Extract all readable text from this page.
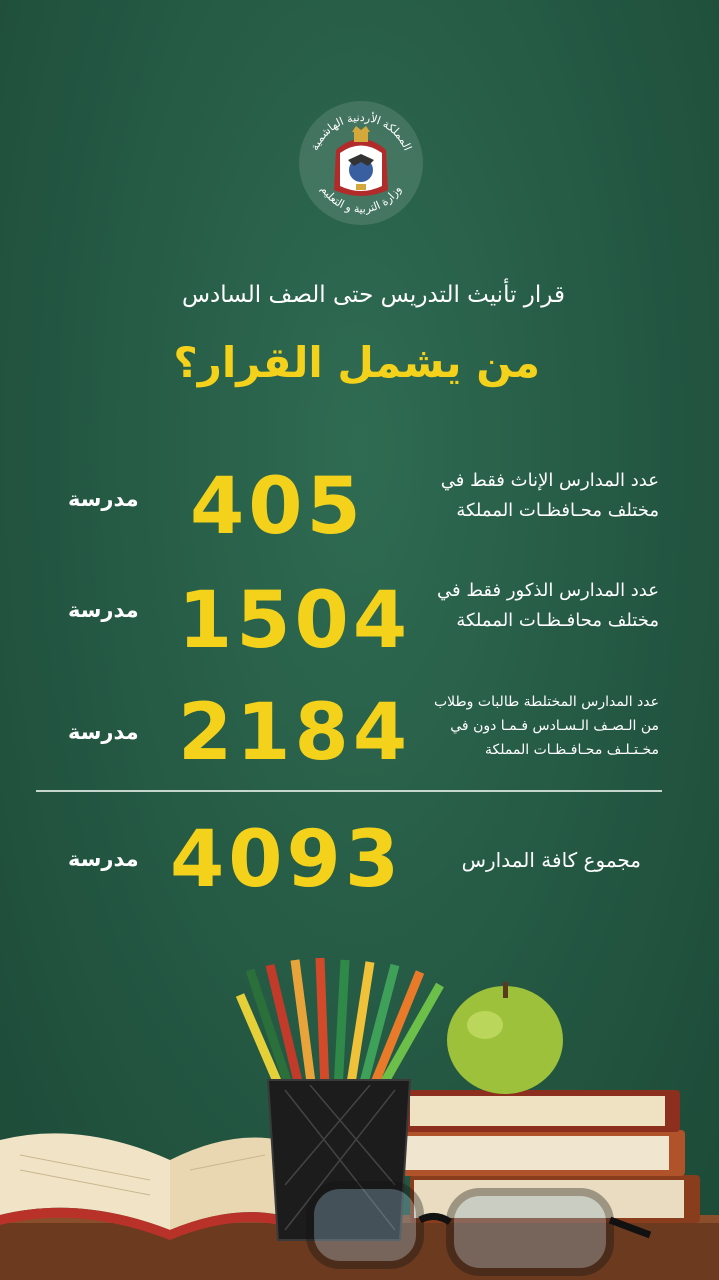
المملكة الأردنية الهاشمية
وزارة التربية و التعليم
قرار تأنيث التدريس حتى الصف السادس
من يشمل القرار؟
عدد المدارس الإناث فقط في
مختلف محـافظـات المملكة
405
مدرسة
عدد المدارس الذكور فقط في
مختلف محافـظـات المملكة
1504
مدرسة
عدد المدارس المختلطة طالبات وطلاب
من الـصـف الـسـادس فـمـا دون في
مخـتـلـف محـافـظـات المملكة
2184
مدرسة
مجموع كافة المدارس
4093
مدرسة
